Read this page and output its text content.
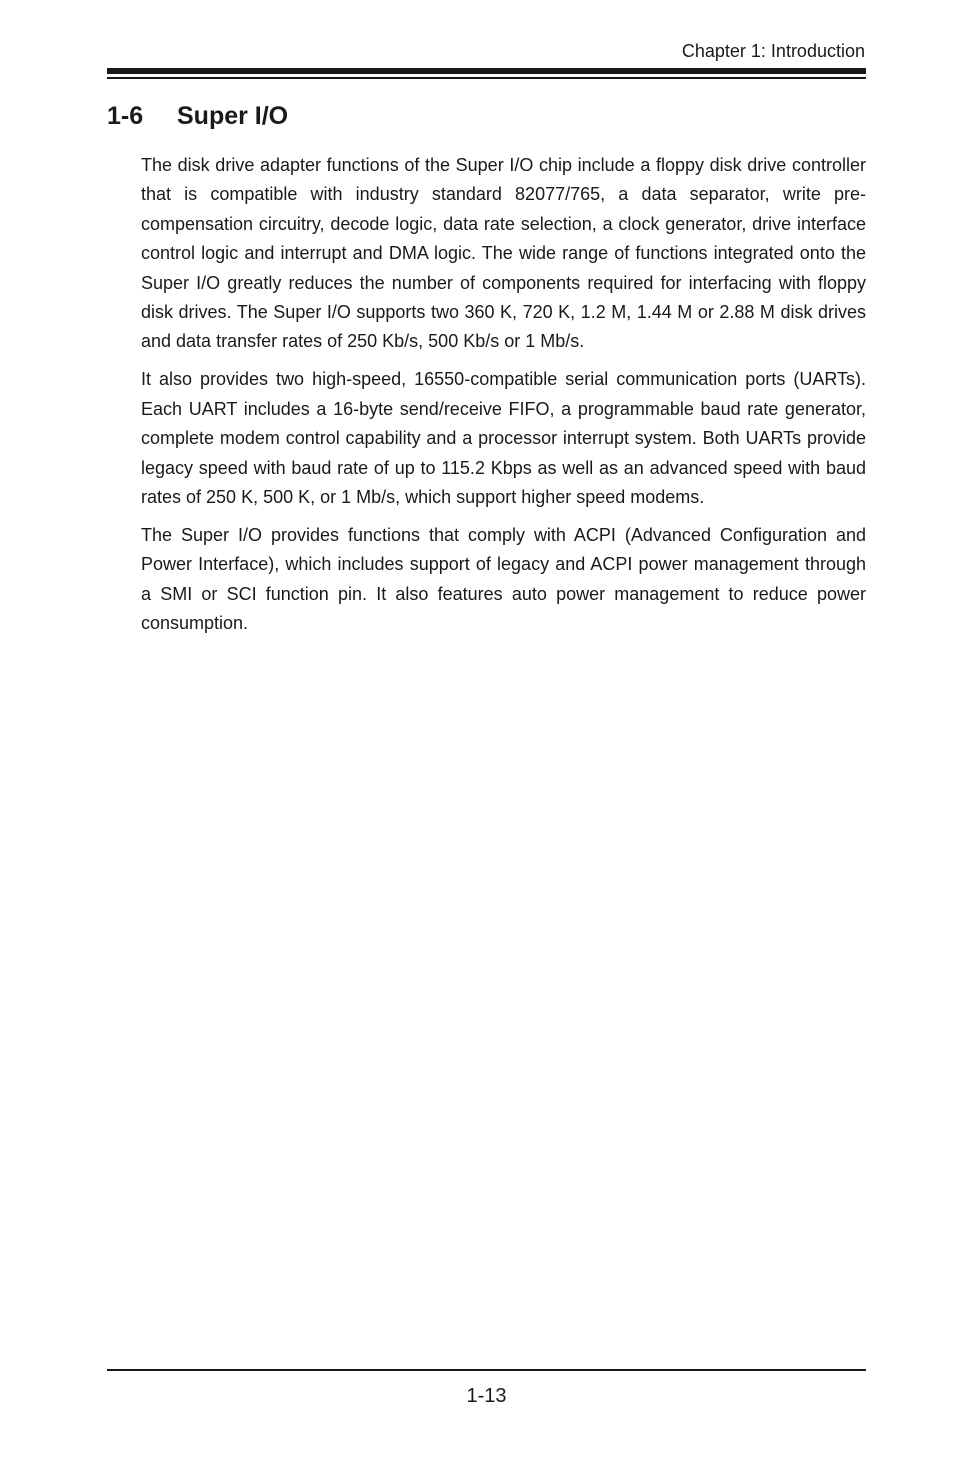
Chapter 1: Introduction
1-6 Super I/O

The disk drive adapter functions of the Super I/O chip include a floppy disk drive controller that is compatible with industry standard 82077/765, a data separator, write pre-compensation circuitry, decode logic, data rate selection, a clock generator, drive interface control logic and interrupt and DMA logic. The wide range of functions integrated onto the Super I/O greatly reduces the number of components required for interfacing with floppy disk drives. The Super I/O supports two 360 K, 720 K, 1.2 M, 1.44 M or 2.88 M disk drives and data transfer rates of 250 Kb/s, 500 Kb/s or 1 Mb/s.

It also provides two high-speed, 16550-compatible serial communication ports (UARTs). Each UART includes a 16-byte send/receive FIFO, a programmable baud rate generator, complete modem control capability and a processor interrupt system. Both UARTs provide legacy speed with baud rate of up to 115.2 Kbps as well as an advanced speed with baud rates of 250 K, 500 K, or 1 Mb/s, which support higher speed modems.

The Super I/O provides functions that comply with ACPI (Advanced Configuration and Power Interface), which includes support of legacy and ACPI power management through a SMI or SCI function pin. It also features auto power management to reduce power consumption.

1-13
